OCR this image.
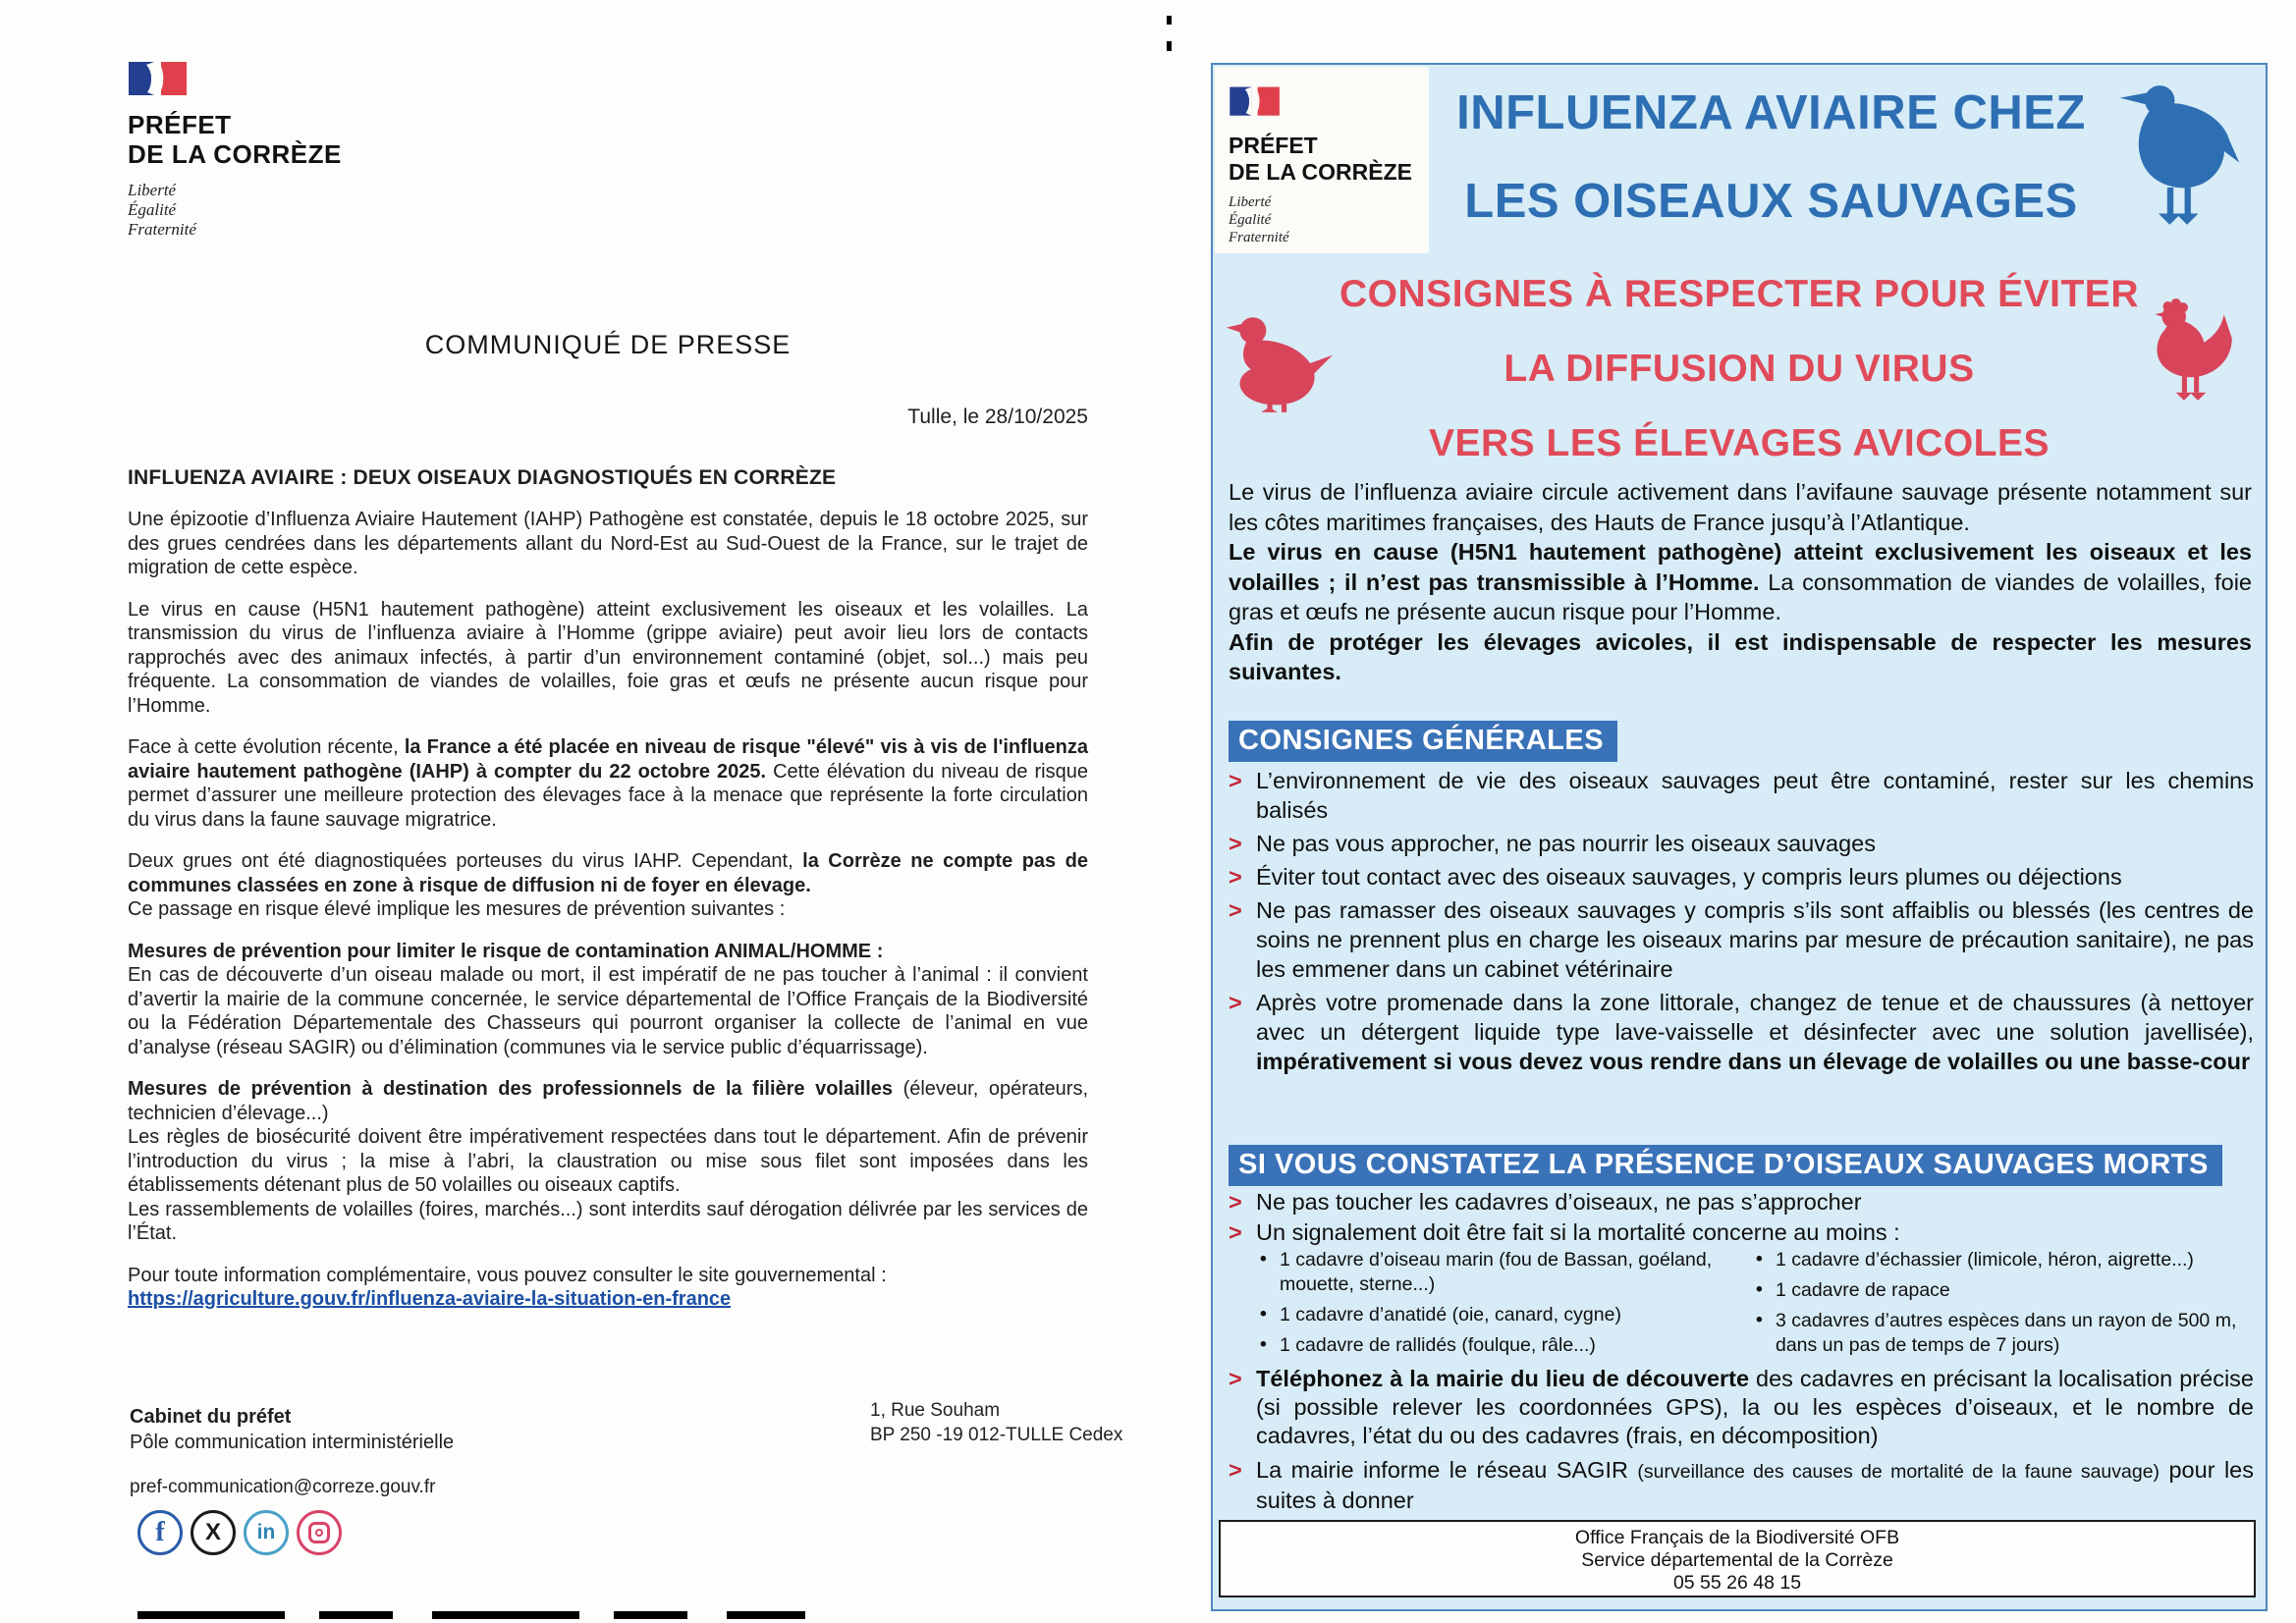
PRÉFET
DE LA CORRÈZE
Liberté
Égalité
Fraternité
COMMUNIQUÉ DE PRESSE
Tulle, le 28/10/2025
INFLUENZA AVIAIRE : DEUX OISEAUX DIAGNOSTIQUÉS EN CORRÈZE

Une épizootie d’Influenza Aviaire Hautement (IAHP) Pathogène est constatée, depuis le 18 octobre 2025, sur des grues cendrées dans les départements allant du Nord-Est au Sud-Ouest de la France, sur le trajet de migration de cette espèce.

Le virus en cause (H5N1 hautement pathogène) atteint exclusivement les oiseaux et les volailles. La transmission du virus de l’influenza aviaire à l’Homme (grippe aviaire) peut avoir lieu lors de contacts rapprochés avec des animaux infectés, à partir d’un environnement contaminé (objet, sol...) mais peu fréquente. La consommation de viandes de volailles, foie gras et œufs ne présente aucun risque pour l’Homme.

Face à cette évolution récente, la France a été placée en niveau de risque "élevé" vis à vis de l'influenza aviaire hautement pathogène (IAHP) à compter du 22 octobre 2025. Cette élévation du niveau de risque permet d’assurer une meilleure protection des élevages face à la menace que représente la forte circulation du virus dans la faune sauvage migratrice.

Deux grues ont été diagnostiquées porteuses du virus IAHP. Cependant, la Corrèze ne compte pas de communes classées en zone à risque de diffusion ni de foyer en élevage.
Ce passage en risque élevé implique les mesures de prévention suivantes :

Mesures de prévention pour limiter le risque de contamination ANIMAL/HOMME :
En cas de découverte d’un oiseau malade ou mort, il est impératif de ne pas toucher à l’animal : il convient d’avertir la mairie de la commune concernée, le service départemental de l’Office Français de la Biodiversité ou la Fédération Départementale des Chasseurs qui pourront organiser la collecte de l’animal en vue d’analyse (réseau SAGIR) ou d’élimination (communes via le service public d’équarrissage).

Mesures de prévention à destination des professionnels de la filière volailles (éleveur, opérateurs, technicien d’élevage...)

Les règles de biosécurité doivent être impérativement respectées dans tout le département. Afin de prévenir l’introduction du virus ; la mise à l’abri, la claustration ou mise sous filet sont imposées dans les établissements détenant plus de 50 volailles ou oiseaux captifs.

Les rassemblements de volailles (foires, marchés...) sont interdits sauf dérogation délivrée par les services de l’État.

Pour toute information complémentaire, vous pouvez consulter le site gouvernemental :
https://agriculture.gouv.fr/influenza-aviaire-la-situation-en-france

Cabinet du préfet
Pôle communication interministérielle
pref-communication@correze.gouv.fr
f X in
1, Rue Souham
BP 250 -19 012-TULLE Cedex
PRÉFET
DE LA CORRÈZE
Liberté
Égalité
Fraternité
INFLUENZA AVIAIRE CHEZ
LES OISEAUX SAUVAGES
CONSIGNES À RESPECTER POUR ÉVITER
LA DIFFUSION DU VIRUS
VERS LES ÉLEVAGES AVICOLES
Le virus de l’influenza aviaire circule activement dans l’avifaune sauvage présente notamment sur les côtes maritimes françaises, des Hauts de France jusqu’à l’Atlantique.
Le virus en cause (H5N1 hautement pathogène) atteint exclusivement les oiseaux et les volailles ; il n’est pas transmissible à l’Homme. La consommation de viandes de volailles, foie gras et œufs ne présente aucun risque pour l’Homme.
Afin de protéger les élevages avicoles, il est indispensable de respecter les mesures suivantes.
CONSIGNES GÉNÉRALES
> L’environnement de vie des oiseaux sauvages peut être contaminé, rester sur les chemins balisés
> Ne pas vous approcher, ne pas nourrir les oiseaux sauvages
> Éviter tout contact avec des oiseaux sauvages, y compris leurs plumes ou déjections
> Ne pas ramasser des oiseaux sauvages y compris s’ils sont affaiblis ou blessés (les centres de soins ne prennent plus en charge les oiseaux marins par mesure de précaution sanitaire), ne pas les emmener dans un cabinet vétérinaire
> Après votre promenade dans la zone littorale, changez de tenue et de chaussures (à nettoyer avec un détergent liquide type lave-vaisselle et désinfecter avec une solution javellisée), impérativement si vous devez vous rendre dans un élevage de volailles ou une basse-cour
SI VOUS CONSTATEZ LA PRÉSENCE D’OISEAUX SAUVAGES MORTS
> Ne pas toucher les cadavres d’oiseaux, ne pas s’approcher
> Un signalement doit être fait si la mortalité concerne au moins :
• 1 cadavre d’oiseau marin (fou de Bassan, goéland, mouette, sterne...)
• 1 cadavre d’anatidé (oie, canard, cygne)
• 1 cadavre de rallidés (foulque, râle...)
• 1 cadavre d’échassier (limicole, héron, aigrette...)
• 1 cadavre de rapace
• 3 cadavres d’autres espèces dans un rayon de 500 m, dans un pas de temps de 7 jours)
> Téléphonez à la mairie du lieu de découverte des cadavres en précisant la localisation précise (si possible relever les coordonnées GPS), la ou les espèces d’oiseaux, et le nombre de cadavres, l’état du ou des cadavres (frais, en décomposition)
> La mairie informe le réseau SAGIR (surveillance des causes de mortalité de la faune sauvage) pour les suites à donner
Office Français de la Biodiversité OFB
Service départemental de la Corrèze
05 55 26 48 15
